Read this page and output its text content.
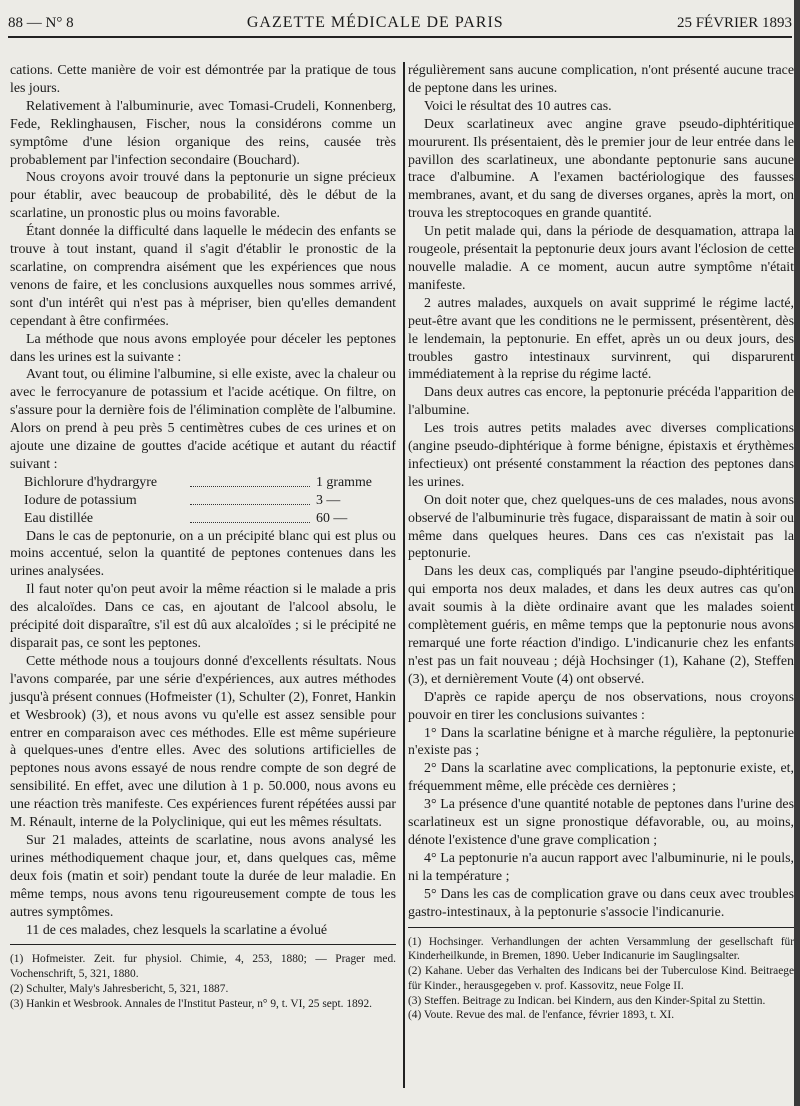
88 — N° 8	GAZETTE MÉDICALE DE PARIS	25 FÉVRIER 1893

cations. Cette manière de voir est démontrée par la pratique de tous les jours.

Relativement à l'albuminurie, avec Tomasi-Crudeli, Konnenberg, Fede, Reklinghausen, Fischer, nous la considérons comme un symptôme d'une lésion organique des reins, causée très probablement par l'infection secondaire (Bouchard).

Nous croyons avoir trouvé dans la peptonurie un signe précieux pour établir, avec beaucoup de probabilité, dès le début de la scarlatine, un pronostic plus ou moins favorable.

Étant donnée la difficulté dans laquelle le médecin des enfants se trouve à tout instant, quand il s'agit d'établir le pronostic de la scarlatine, on comprendra aisément que les expériences que nous venons de faire, et les conclusions auxquelles nous sommes arrivé, sont d'un intérêt qui n'est pas à mépriser, bien qu'elles demandent cependant à être confirmées.

La méthode que nous avons employée pour déceler les peptones dans les urines est la suivante :

Avant tout, ou élimine l'albumine, si elle existe, avec la chaleur ou avec le ferrocyanure de potassium et l'acide acétique. On filtre, on s'assure pour la dernière fois de l'élimination complète de l'albumine. Alors on prend à peu près 5 centimètres cubes de ces urines et on ajoute une dizaine de gouttes d'acide acétique et autant du réactif suivant :

Bichlorure d'hydrargyre	1 gramme
Iodure de potassium	3 —
Eau distillée	60 —

Dans le cas de peptonurie, on a un précipité blanc qui est plus ou moins accentué, selon la quantité de peptones contenues dans les urines analysées.

Il faut noter qu'on peut avoir la même réaction si le malade a pris des alcaloïdes. Dans ce cas, en ajoutant de l'alcool absolu, le précipité doit disparaître, s'il est dû aux alcaloïdes ; si le précipité ne disparait pas, ce sont les peptones.

Cette méthode nous a toujours donné d'excellents résultats. Nous l'avons comparée, par une série d'expériences, aux autres méthodes jusqu'à présent connues (Hofmeister (1), Schulter (2), Fonret, Hankin et Wesbrook) (3), et nous avons vu qu'elle est assez sensible pour entrer en comparaison avec ces méthodes. Elle est même supérieure à quelques-unes d'entre elles. Avec des solutions artificielles de peptones nous avons essayé de nous rendre compte de son degré de sensibilité. En effet, avec une dilution à 1 p. 50.000, nous avons eu une réaction très manifeste. Ces expériences furent répétées aussi par M. Rénault, interne de la Polyclinique, qui eut les mêmes résultats.

Sur 21 malades, atteints de scarlatine, nous avons analysé les urines méthodiquement chaque jour, et, dans quelques cas, même deux fois (matin et soir) pendant toute la durée de leur maladie. En même temps, nous avons tenu rigoureusement compte de tous les autres symptômes.

11 de ces malades, chez lesquels la scarlatine a évolué

(1) Hofmeister. Zeit. fur physiol. Chimie, 4, 253, 1880; — Prager med. Vochenschrift, 5, 321, 1880.

(2) Schulter, Maly's Jahresbericht, 5, 321, 1887.

(3) Hankin et Wesbrook. Annales de l'Institut Pasteur, n° 9, t. VI, 25 sept. 1892.

régulièrement sans aucune complication, n'ont présenté aucune trace de peptone dans les urines.

Voici le résultat des 10 autres cas.

Deux scarlatineux avec angine grave pseudo-diphtéritique moururent. Ils présentaient, dès le premier jour de leur entrée dans le pavillon des scarlatineux, une abondante peptonurie sans aucune trace d'albumine. A l'examen bactériologique des fausses membranes, avant, et du sang de diverses organes, après la mort, on trouva les streptocoques en grande quantité.

Un petit malade qui, dans la période de desquamation, attrapa la rougeole, présentait la peptonurie deux jours avant l'éclosion de cette nouvelle maladie. A ce moment, aucun autre symptôme n'était manifeste.

2 autres malades, auxquels on avait supprimé le régime lacté, peut-être avant que les conditions ne le permissent, présentèrent, dès le lendemain, la peptonurie. En effet, après un ou deux jours, des troubles gastro intestinaux survinrent, qui disparurent immédiatement à la reprise du régime lacté.

Dans deux autres cas encore, la peptonurie précéda l'apparition de l'albumine.

Les trois autres petits malades avec diverses complications (angine pseudo-diphtérique à forme bénigne, épistaxis et érythèmes infectieux) ont présenté constamment la réaction des peptones dans les urines.

On doit noter que, chez quelques-uns de ces malades, nous avons observé de l'albuminurie très fugace, disparaissant de matin à soir ou même dans quelques heures. Dans ces cas n'existait pas la peptonurie.

Dans les deux cas, compliqués par l'angine pseudo-diphtéritique qui emporta nos deux malades, et dans les deux autres cas qu'on avait soumis à la diète ordinaire avant que les malades soient complètement guéris, en même temps que la peptonurie nous avons remarqué une forte réaction d'indigo. L'indicanurie chez les enfants n'est pas un fait nouveau ; déjà Hochsinger (1), Kahane (2), Steffen (3), et dernièrement Voute (4) ont observé.

D'après ce rapide aperçu de nos observations, nous croyons pouvoir en tirer les conclusions suivantes :

1° Dans la scarlatine bénigne et à marche régulière, la peptonurie n'existe pas ;

2° Dans la scarlatine avec complications, la peptonurie existe, et, fréquemment même, elle précède ces dernières ;

3° La présence d'une quantité notable de peptones dans l'urine des scarlatineux est un signe pronostique défavorable, ou, au moins, dénote l'existence d'une grave complication ;

4° La peptonurie n'a aucun rapport avec l'albuminurie, ni le pouls, ni la température ;

5° Dans les cas de complication grave ou dans ceux avec troubles gastro-intestinaux, à la peptonurie s'associe l'indicanurie.

(1) Hochsinger. Verhandlungen der achten Versammlung der gesellschaft für Kinderheilkunde, in Bremen, 1890. Ueber Indicanurie im Sauglingsalter.

(2) Kahane. Ueber das Verhalten des Indicans bei der Tuberculose Kind. Beitraege für Kinder., herausgegeben v. prof. Kassovitz, neue Folge II.

(3) Steffen. Beitrage zu Indican. bei Kindern, aus den Kinder-Spital zu Stettin.

(4) Voute. Revue des mal. de l'enfance, février 1893, t. XI.
